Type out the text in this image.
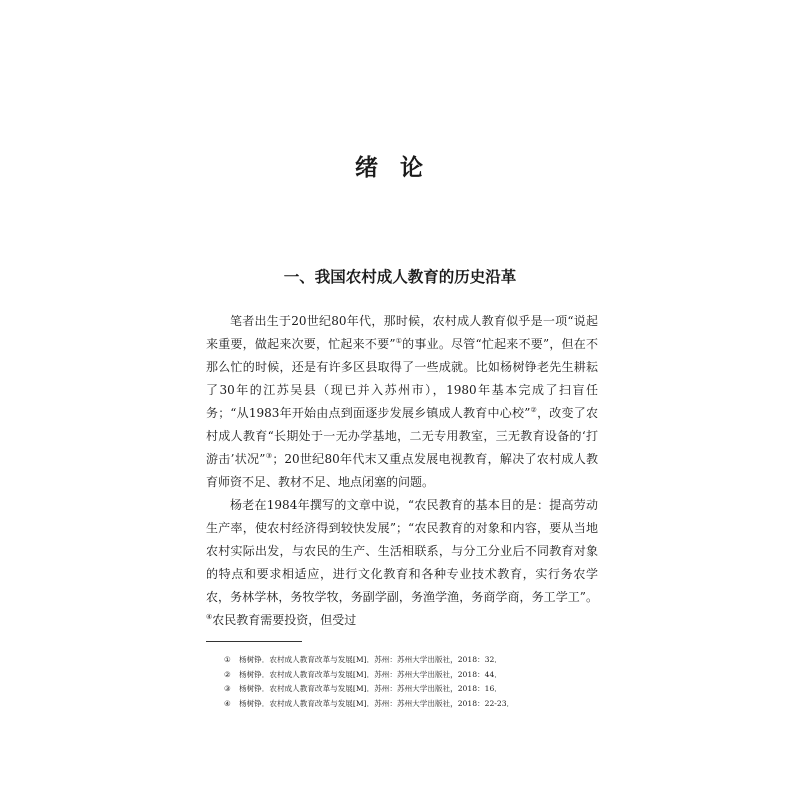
绪论
一、我国农村成人教育的历史沿革

笔者出生于20世纪80年代，那时候，农村成人教育似乎是一项“说起来重要，做起来次要，忙起来不要”①的事业。尽管“忙起来不要”，但在不那么忙的时候，还是有许多区县取得了一些成就。比如杨树铮老先生耕耘了30年的江苏吴县（现已并入苏州市），1980年基本完成了扫盲任务；“从1983年开始由点到面逐步发展乡镇成人教育中心校”②，改变了农村成人教育“长期处于一无办学基地，二无专用教室，三无教育设备的‘打游击’状况”③；20世纪80年代末又重点发展电视教育，解决了农村成人教育师资不足、教材不足、地点闭塞的问题。

杨老在1984年撰写的文章中说，“农民教育的基本目的是：提高劳动生产率，使农村经济得到较快发展”；“农民教育的对象和内容，要从当地农村实际出发，与农民的生产、生活相联系，与分工分业后不同教育对象的特点和要求相适应，进行文化教育和各种专业技术教育，实行务农学农，务林学林，务牧学牧，务副学副，务渔学渔，务商学商，务工学工”。④农民教育需要投资，但受过

① 杨树铮．农村成人教育改革与发展[M]．苏州：苏州大学出版社，2018：32．
② 杨树铮．农村成人教育改革与发展[M]．苏州：苏州大学出版社，2018：44．
③ 杨树铮．农村成人教育改革与发展[M]．苏州：苏州大学出版社，2018：16．
④ 杨树铮．农村成人教育改革与发展[M]．苏州：苏州大学出版社，2018：22-23．
